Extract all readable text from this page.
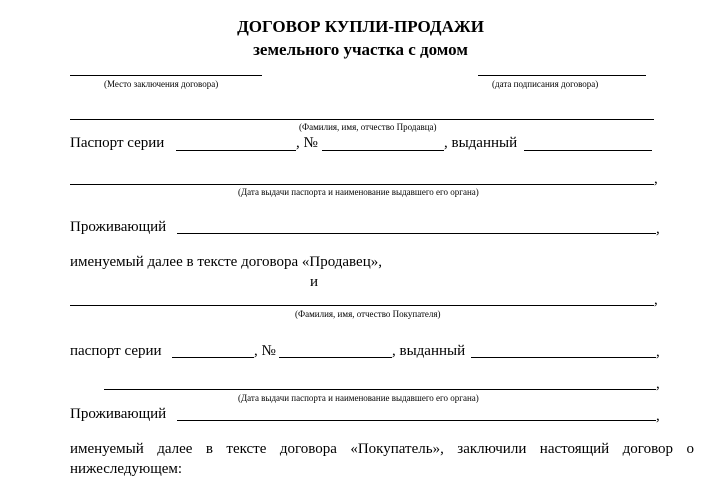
ДОГОВОР КУПЛИ-ПРОДАЖИ
земельного участка с домом
(Место заключения договора)	(дата подписания договора)
(Фамилия, имя, отчество Продавца)
Паспорт серии	, №	, выданный
,
(Дата выдачи паспорта и наименование выдавшего его органа)
Проживающий	,
именуемый далее в тексте договора «Продавец»,
и
,
(Фамилия, имя, отчество Покупателя)
паспорт серии	, №	, выданный	,
,
(Дата выдачи паспорта и наименование выдавшего его органа)
Проживающий	,
именуемый далее в тексте договора «Покупатель», заключили настоящий договор о
нижеследующем:
